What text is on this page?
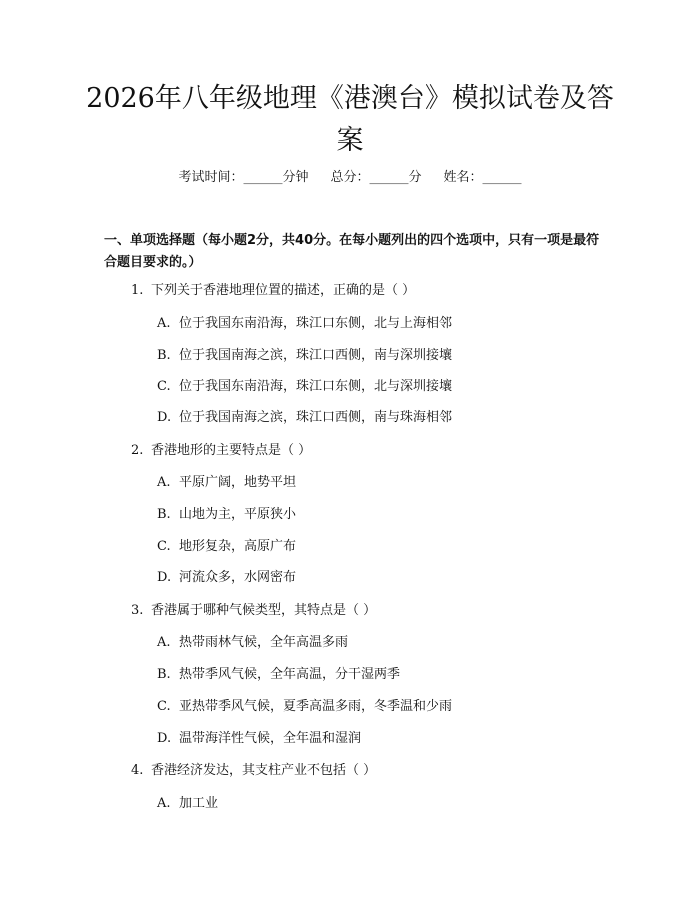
2026年八年级地理《港澳台》模拟试卷及答案
考试时间：______分钟 总分：______分 姓名：______
一、单项选择题（每小题2分，共40分。在每小题列出的四个选项中，只有一项是最符合题目要求的。）
1. 下列关于香港地理位置的描述，正确的是（ ）
A. 位于我国东南沿海，珠江口东侧，北与上海相邻
B. 位于我国南海之滨，珠江口西侧，南与深圳接壤
C. 位于我国东南沿海，珠江口东侧，北与深圳接壤
D. 位于我国南海之滨，珠江口西侧，南与珠海相邻
2. 香港地形的主要特点是（ ）
A. 平原广阔，地势平坦
B. 山地为主，平原狭小
C. 地形复杂，高原广布
D. 河流众多，水网密布
3. 香港属于哪种气候类型，其特点是（ ）
A. 热带雨林气候，全年高温多雨
B. 热带季风气候，全年高温，分干湿两季
C. 亚热带季风气候，夏季高温多雨，冬季温和少雨
D. 温带海洋性气候，全年温和湿润
4. 香港经济发达，其支柱产业不包括（ ）
A. 加工业
